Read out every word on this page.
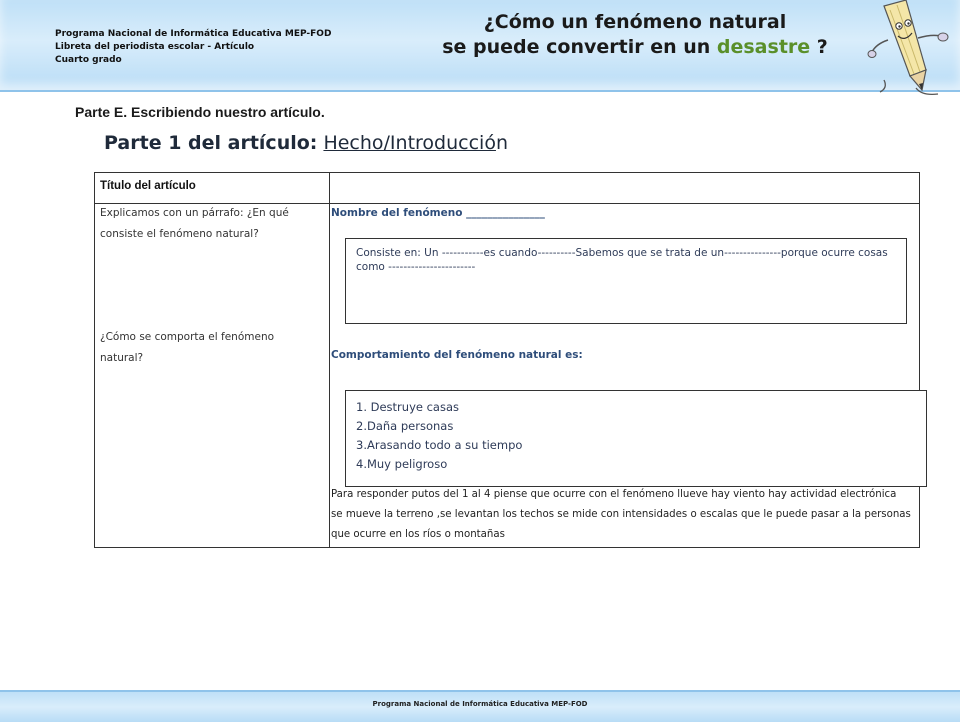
Programa Nacional de Informática Educativa MEP-FOD
Libreta del periodista escolar - Artículo
Cuarto grado
¿Cómo un fenómeno natural
se puede convertir en un desastre ?
Parte E. Escribiendo nuestro artículo.
Parte 1 del artículo: Hecho/Introducción
Título del artículo
Explicamos con un párrafo: ¿En qué consiste el fenómeno natural?
¿Cómo se comporta el fenómeno natural?
Nombre del fenómeno _______________
Consiste en: Un -----------es cuando----------Sabemos que se trata de un---------------porque ocurre cosas como -----------------------
Comportamiento del fenómeno natural es:
1. Destruye casas
2.Daña personas
3.Arasando todo a su tiempo
4.Muy peligroso
Para responder putos del 1 al 4 piense que ocurre con el fenómeno llueve hay viento hay actividad electrónica se mueve la terreno ,se levantan los techos se mide con intensidades o escalas que le puede pasar a la personas que ocurre en los ríos o montañas
Programa Nacional de Informática Educativa MEP-FOD
